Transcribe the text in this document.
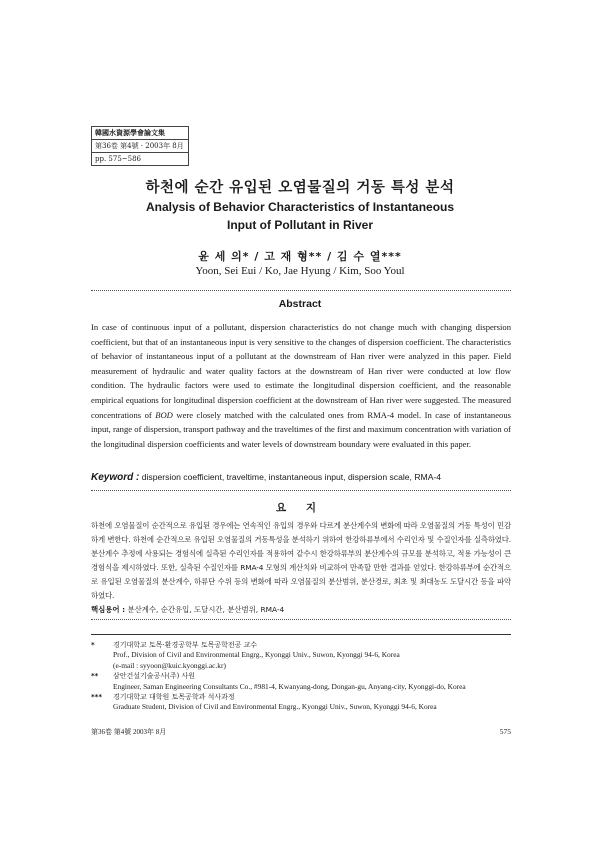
韓國水資源學會論文集
第36卷 第4號 · 2003年 8月
pp. 575~586
하천에 순간 유입된 오염물질의 거동 특성 분석
Analysis of Behavior Characteristics of Instantaneous
Input of Pollutant in River
윤 세 의* / 고 재 형** / 김 수 열***
Yoon, Sei Eui / Ko, Jae Hyung / Kim, Soo Youl
Abstract
In case of continuous input of a pollutant, dispersion characteristics do not change much with changing dispersion coefficient, but that of an instantaneous input is very sensitive to the changes of dispersion coefficient. The characteristics of behavior of instantaneous input of a pollutant at the downstream of Han river were analyzed in this paper. Field measurement of hydraulic and water quality factors at the downstream of Han river were conducted at low flow condition. The hydraulic factors were used to estimate the longitudinal dispersion coefficient, and the reasonable empirical equations for longitudinal dispersion coefficient at the downstream of Han river were suggested. The measured concentrations of BOD were closely matched with the calculated ones from RMA-4 model. In case of instantaneous input, range of dispersion, transport pathway and the traveltimes of the first and maximum concentration with variation of the longitudinal dispersion coefficients and water levels of downstream boundary were evaluated in this paper.
Keyword : dispersion coefficient, traveltime, instantaneous input, dispersion scale, RMA-4
요 지
하천에 오염물질이 순간적으로 유입된 경우에는 연속적인 유입의 경우와 다르게 분산계수의 변화에 따라 오염물질의 거동 특성이 민감하게 변한다. 하천에 순간적으로 유입된 오염물질의 거동특성을 분석하기 위하여 한강하류부에서 수리인자 및 수질인자를 실측하였다. 분산계수 추정에 사용되는 경험식에 실측된 수리인자를 적용하여 같수시 한강하류부의 분산계수의 규모를 분석하고, 적용 가능성이 큰 경험식을 제시하였다. 또한, 실측된 수질인자를 RMA-4 모형의 계산치와 비교하여 만족할 만한 결과를 얻었다. 한강하류부에 순간적으로 유입된 오염물질의 분산계수, 하류단 수위 등의 변화에 따라 오염물질의 분산범위, 분산경로, 최초 및 최대농도 도달시간 등을 파악하였다.
핵심용어 : 분산계수, 순간유입, 도달시간, 분산범위, RMA-4
*	경기대학교 토목·환경공학부 토목공학전공 교수
Prof., Division of Civil and Environmental Engrg., Kyonggi Univ., Suwon, Kyonggi 94-6, Korea
(e-mail : syyoon@kuic.kyonggi.ac.kr)
**	삼안건설기술공사(주) 사원
Engineer, Saman Engineering Consultants Co., #981-4, Kwanyang-dong, Dongan-gu, Anyang-city, Kyonggi-do, Korea
***	경기대학교 대학원 토목공학과 석사과정
Graduate Student, Division of Civil and Environmental Engrg., Kyonggi Univ., Suwon, Kyonggi 94-6, Korea
第36卷 第4號 2003年 8月	575
